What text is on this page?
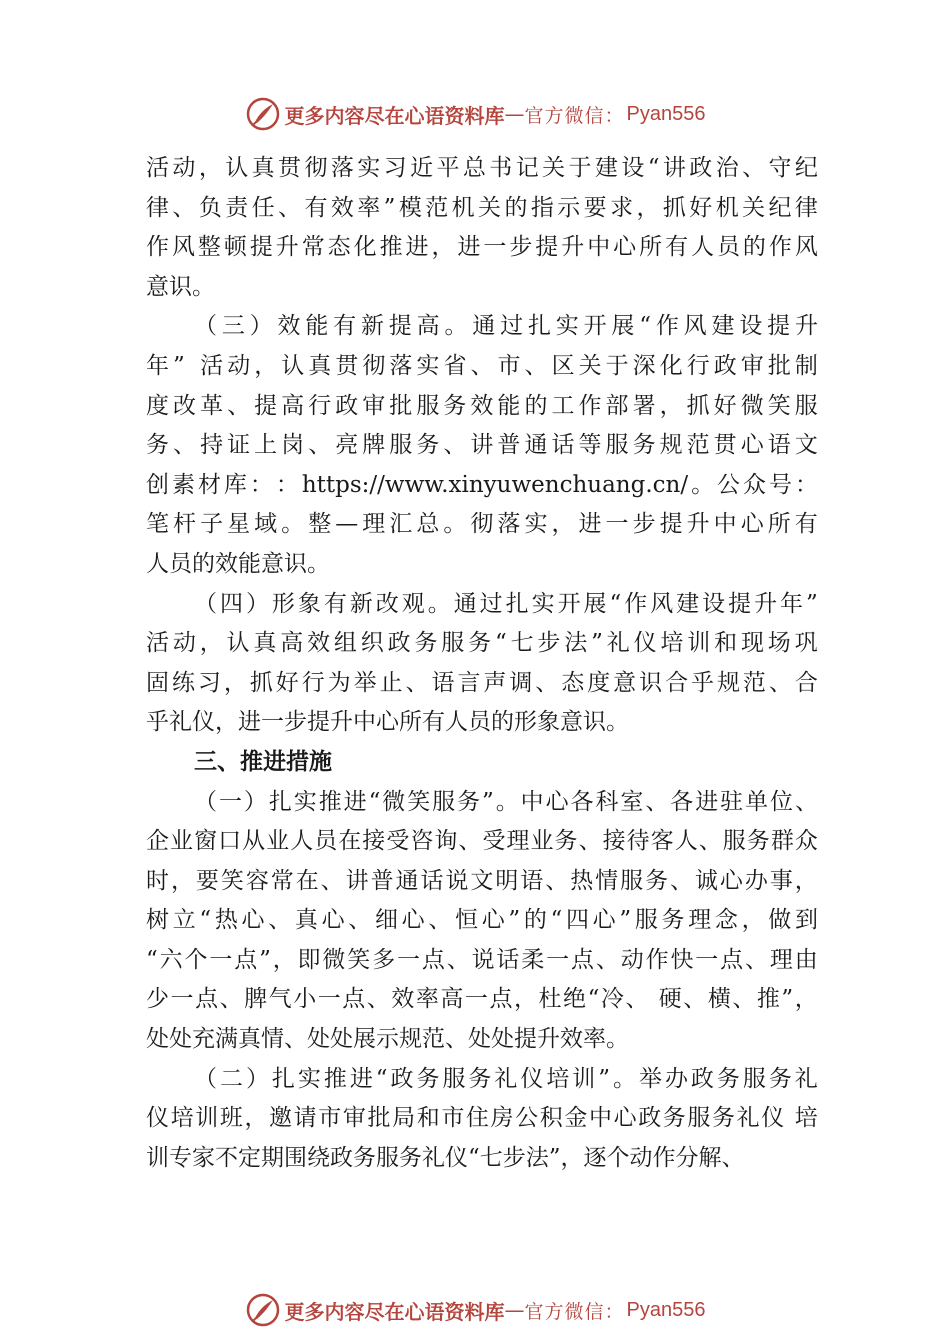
更多内容尽在心语资料库 — 官方微信： Pyan556
活 动 ， 认 真 贯 彻 落 实 习 近 平 总 书 记 关 于 建 设 “ 讲 政 治 、 守 纪
律 、 负 责 任 、 有 效 率 ” 模 范 机 关 的 指 示 要 求 ， 抓 好 机 关 纪 律
作 风 整 顿 提 升 常 态 化 推 进 ， 进 一 步 提 升 中 心 所 有 人 员 的 作 风
意识。
（ 三 ） 效 能 有 新 提 高 。 通 过 扎 实 开 展 “ 作 风 建 设 提 升
年 ”
活 动 ， 认 真 贯 彻 落 实 省 、 市 、 区 关 于 深 化 行 政 审 批 制
度 改 革 、 提 高 行 政 审 批 服 务 效 能 的 工 作 部 署 ， 抓 好 微 笑 服
务 、 持 证 上 岗 、 亮 牌 服 务 、 讲 普 通 话 等 服 务 规 范 贯 心 语 文
创 素 材 库 ： ： https://www.xinyuwenchuang.cn/ 。 公 众 号 ：
笔 杆 子 星 域 。 整 — 理 汇 总 。 彻 落 实 ， 进 一 步 提 升 中 心 所 有
人员的效能意识。
（ 四 ） 形 象 有 新 改 观 。 通 过 扎 实 开 展 “ 作 风 建 设 提 升 年 ”
活 动 ， 认 真 高 效 组 织 政 务 服 务 “ 七 步 法 ” 礼 仪 培 训 和 现 场 巩
固 练 习 ， 抓 好 行 为 举 止 、 语 言 声 调 、 态 度 意 识 合 乎 规 范 、 合
乎礼仪，进一步提升中心所有人员的形象意识。
三、推进措施
（ 一 ） 扎 实 推 进 “ 微 笑 服 务 ” 。 中 心 各 科 室 、 各 进 驻 单 位 、
企 业 窗 口 从 业 人 员 在 接 受 咨 询 、 受 理 业 务 、 接 待 客 人 、 服 务 群 众
时 ， 要 笑 容 常 在 、 讲 普 通 话 说 文 明 语 、 热 情 服 务 、 诚 心 办 事 ，
树 立 “ 热 心 、 真 心 、 细 心 、 恒 心 ” 的 “ 四 心 ” 服 务 理 念 ， 做 到
“ 六 个 一 点 ” ， 即 微 笑 多 一 点 、 说 话 柔 一 点 、 动 作 快 一 点 、 理 由
少 一 点 、 脾 气 小 一 点 、 效 率 高 一 点 ， 杜 绝 “ 冷 、
硬 、 横 、 推 ” ，
处处充满真情、处处展示规范、处处提升效率。
（ 二 ） 扎 实 推 进 “ 政 务 服 务 礼 仪 培 训 ” 。 举 办 政 务 服 务 礼
仪 培 训 班 ， 邀 请 市 审 批 局 和 市 住 房 公 积 金 中 心 政 务 服 务 礼 仪
培
训专家不定期围绕政务服务礼仪“七步法”，逐个动作分解、
更多内容尽在心语资料库 — 官方微信： Pyan556
